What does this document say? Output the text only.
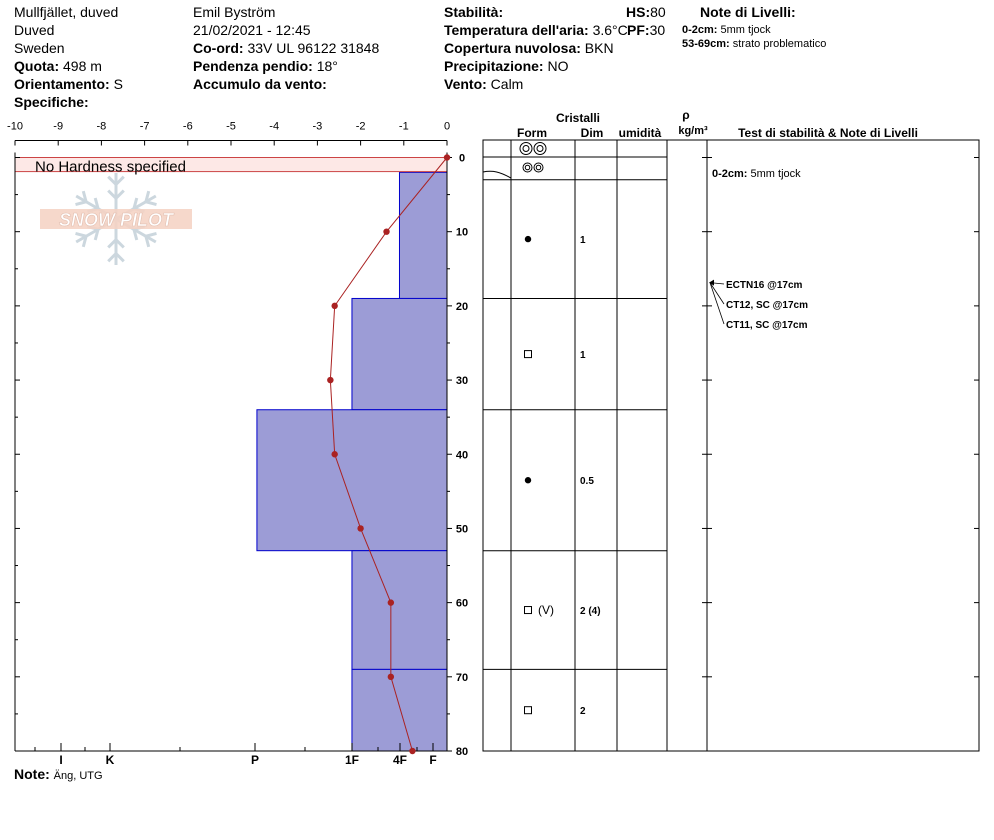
Mullfjället, duved
Duved
Sweden
Quota: 498 m
Orientamento: S
Specifiche:
Emil Byström
21/02/2021 - 12:45
Co-ord: 33V UL 96122 31848
Pendenza pendio: 18°
Accumulo da vento:
Stabilità:
Temperatura dell'aria: 3.6°C
Copertura nuvolosa: BKN
Precipitazione: NO
Vento: Calm
HS:80
PF:30
Note di Livelli:
0-2cm: 5mm tjock
53-69cm: strato problematico
Note: Äng, UTG
SNOW PILOT
No Hardness specified
-10	-9	-8	-7	-6	-5	-4	-3	-2	-1	0
0
10
20
30
40
50
60
70
80
I	K	P	1F	4F F
Cristalli
Form	Dim umidità
ρ
kg/m³	Test di stabilità & Note di Livelli
1
1
0.5
(V)	2 (4)
2
0-2cm: 5mm tjock
ECTN16 @17cm
CT12, SC @17cm
CT11, SC @17cm
